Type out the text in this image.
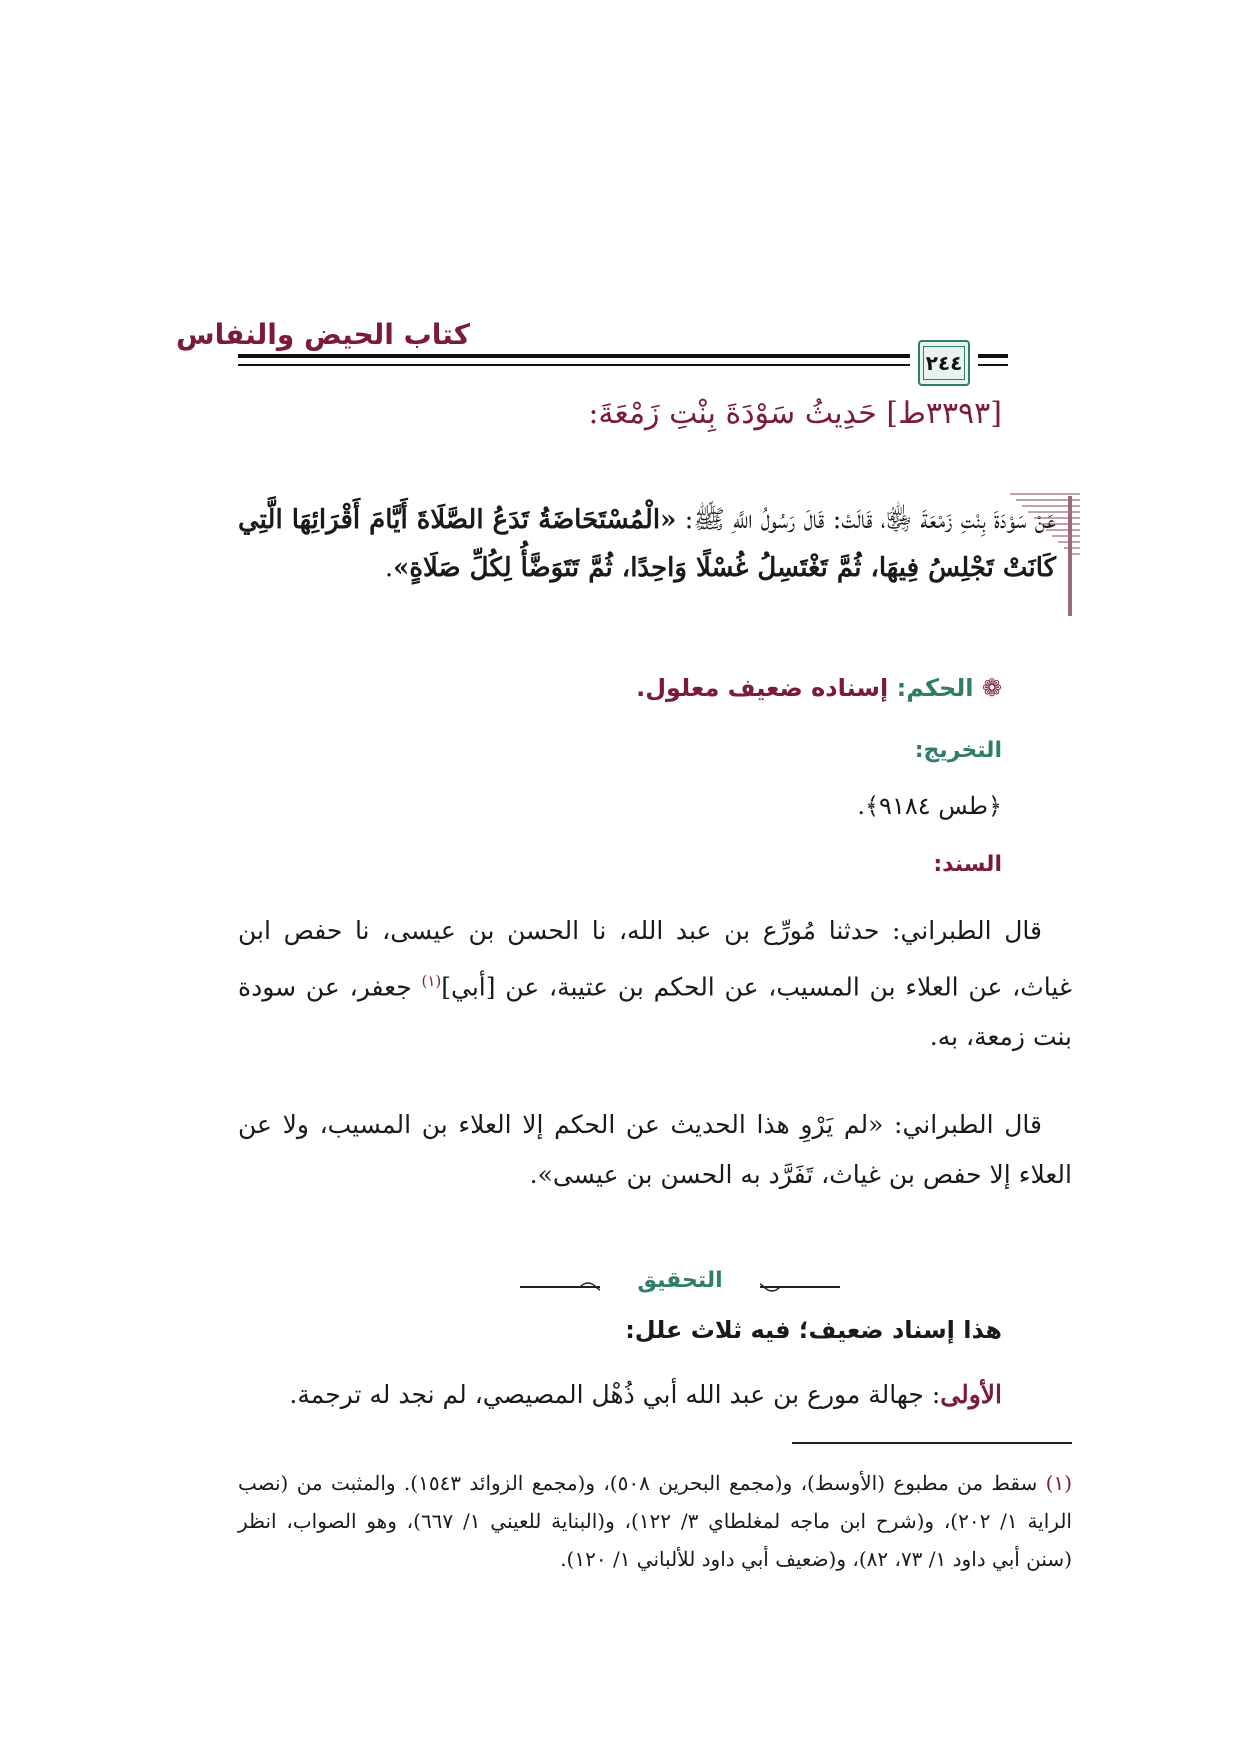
كتاب الحيض والنفاس
٢٤٤
[٣٣٩٣ط] حَدِيثُ سَوْدَةَ بِنْتِ زَمْعَةَ:

عَنْ سَوْدَةَ بِنْتِ زَمْعَةَ ﵂، قَالَتْ: قَالَ رَسُولُ اللَّهِ ﷺ: «الْمُسْتَحَاضَةُ تَدَعُ الصَّلَاةَ أَيَّامَ أَقْرَائِهَا الَّتِي كَانَتْ تَجْلِسُ فِيهَا، ثُمَّ تَغْتَسِلُ غُسْلًا وَاحِدًا، ثُمَّ تَتَوَضَّأُ لِكُلِّ صَلَاةٍ».

❁ الحكم: إسناده ضعيف معلول.
التخريج:
﴿طس ٩١٨٤﴾.
السند:

قال الطبراني: حدثنا مُورِّع بن عبد الله، نا الحسن بن عيسى، نا حفص ابن غياث، عن العلاء بن المسيب، عن الحكم بن عتيبة، عن [أبي]$^{(١)}$ جعفر، عن سودة بنت زمعة، به.

قال الطبراني: «لم يَرْوِ هذا الحديث عن الحكم إلا العلاء بن المسيب، ولا عن العلاء إلا حفص بن غياث، تَفَرَّد به الحسن بن عيسى».

التحقيق
هذا إسناد ضعيف؛ فيه ثلاث علل:
الأولى: جهالة مورع بن عبد الله أبي ذُهْل المصيصي، لم نجد له ترجمة.

(١) سقط من مطبوع (الأوسط)، و(مجمع البحرين ٥٠٨)، و(مجمع الزوائد ١٥٤٣). والمثبت من (نصب الراية ١/ ٢٠٢)، و(شرح ابن ماجه لمغلطاي ٣/ ١٢٢)، و(البناية للعيني ١/ ٦٦٧)، وهو الصواب، انظر (سنن أبي داود ١/ ٧٣، ٨٢)، و(ضعيف أبي داود للألباني ١/ ١٢٠).
